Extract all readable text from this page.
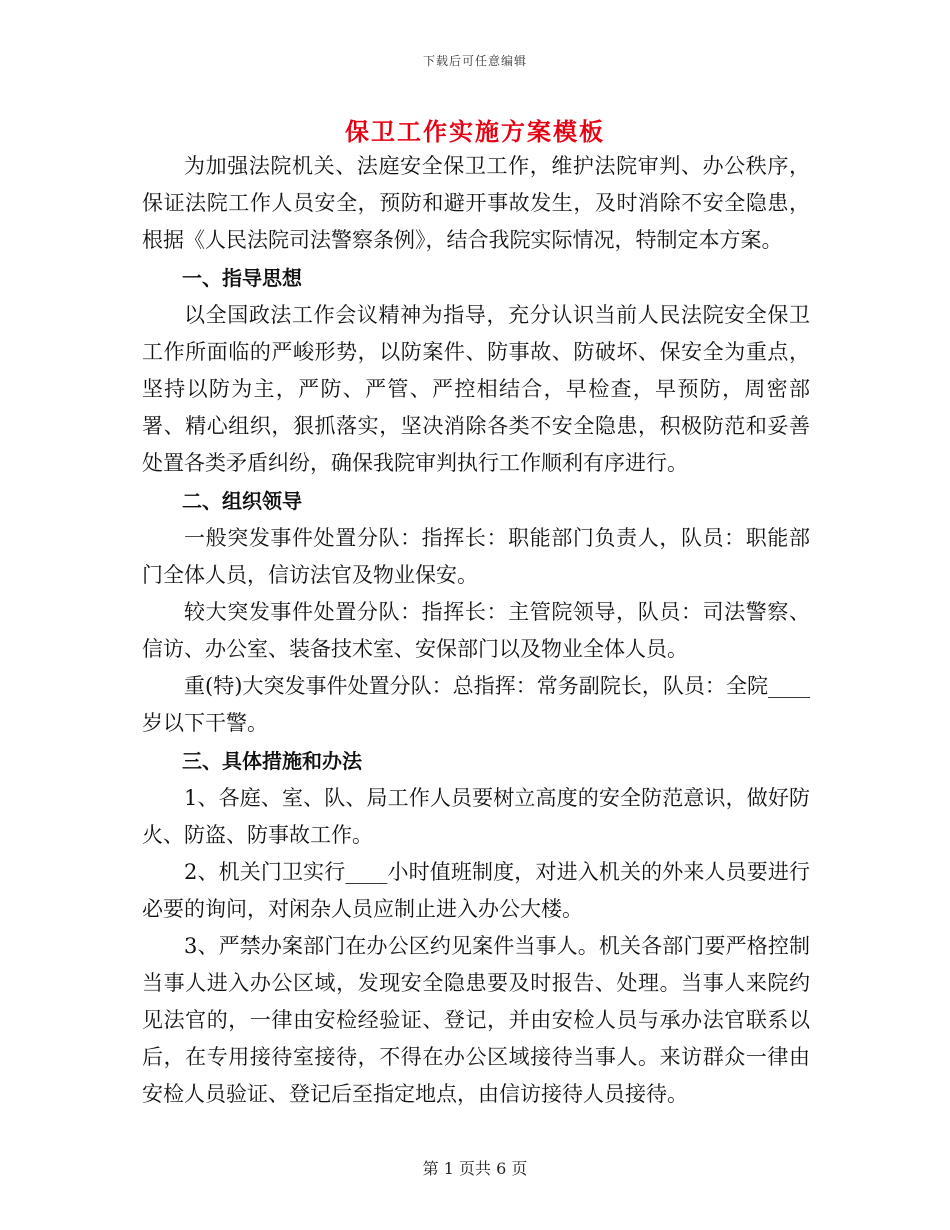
下载后可任意编辑
保卫工作实施方案模板

为加强法院机关、法庭安全保卫工作，维护法院审判、办公秩序，保证法院工作人员安全，预防和避开事故发生，及时消除不安全隐患，根据《人民法院司法警察条例》，结合我院实际情况，特制定本方案。

一、指导思想

以全国政法工作会议精神为指导，充分认识当前人民法院安全保卫工作所面临的严峻形势，以防案件、防事故、防破坏、保安全为重点，坚持以防为主，严防、严管、严控相结合，早检查，早预防，周密部署、精心组织，狠抓落实，坚决消除各类不安全隐患，积极防范和妥善处置各类矛盾纠纷，确保我院审判执行工作顺利有序进行。

二、组织领导

一般突发事件处置分队：指挥长：职能部门负责人，队员：职能部门全体人员，信访法官及物业保安。

较大突发事件处置分队：指挥长：主管院领导，队员：司法警察、信访、办公室、装备技术室、安保部门以及物业全体人员。

重(特)大突发事件处置分队：总指挥：常务副院长，队员：全院____岁以下干警。

三、具体措施和办法

1、各庭、室、队、局工作人员要树立高度的安全防范意识，做好防火、防盗、防事故工作。

2、机关门卫实行____小时值班制度，对进入机关的外来人员要进行必要的询问，对闲杂人员应制止进入办公大楼。

3、严禁办案部门在办公区约见案件当事人。机关各部门要严格控制当事人进入办公区域，发现安全隐患要及时报告、处理。当事人来院约见法官的，一律由安检经验证、登记，并由安检人员与承办法官联系以后，在专用接待室接待，不得在办公区域接待当事人。来访群众一律由安检人员验证、登记后至指定地点，由信访接待人员接待。

第 1 页共 6 页
